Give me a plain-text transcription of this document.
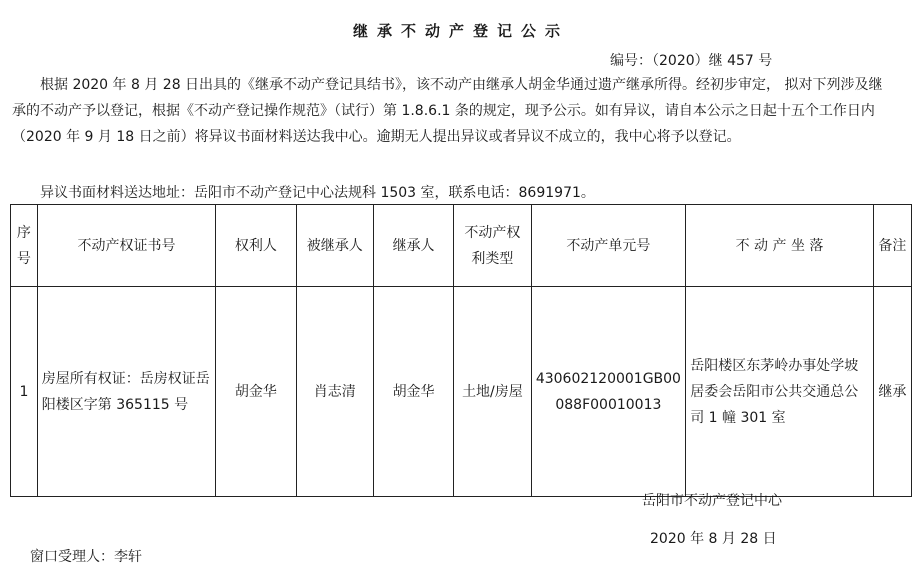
继承不动产登记公示
编号：（2020）继 457 号

根据 2020 年 8 月 28 日出具的《继承不动产登记具结书》，该不动产由继承人胡金华通过遗产继承所得。经初步审定， 拟对下列涉及继承的不动产予以登记，根据《不动产登记操作规范》（试行）第 1.8.6.1 条的规定，现予公示。如有异议，请自本公示之日起十五个工作日内（2020 年 9 月 18 日之前）将异议书面材料送达我中心。逾期无人提出异议或者异议不成立的，我中心将予以登记。

异议书面材料送达地址：岳阳市不动产登记中心法规科 1503 室，联系电话：8691971。
序号	不动产权证书号	权利人	被继承人	继承人	不动产权利类型	不动产单元号	不 动 产 坐 落	备注
1	房屋所有权证：岳房权证岳阳楼区字第 365115 号	胡金华	肖志清	胡金华	土地/房屋	430602120001GB00088F00010013	岳阳楼区东茅岭办事处学坡居委会岳阳市公共交通总公司 1 幢 301 室	继承
岳阳市不动产登记中心
2020 年 8 月 28 日
窗口受理人：李轩
